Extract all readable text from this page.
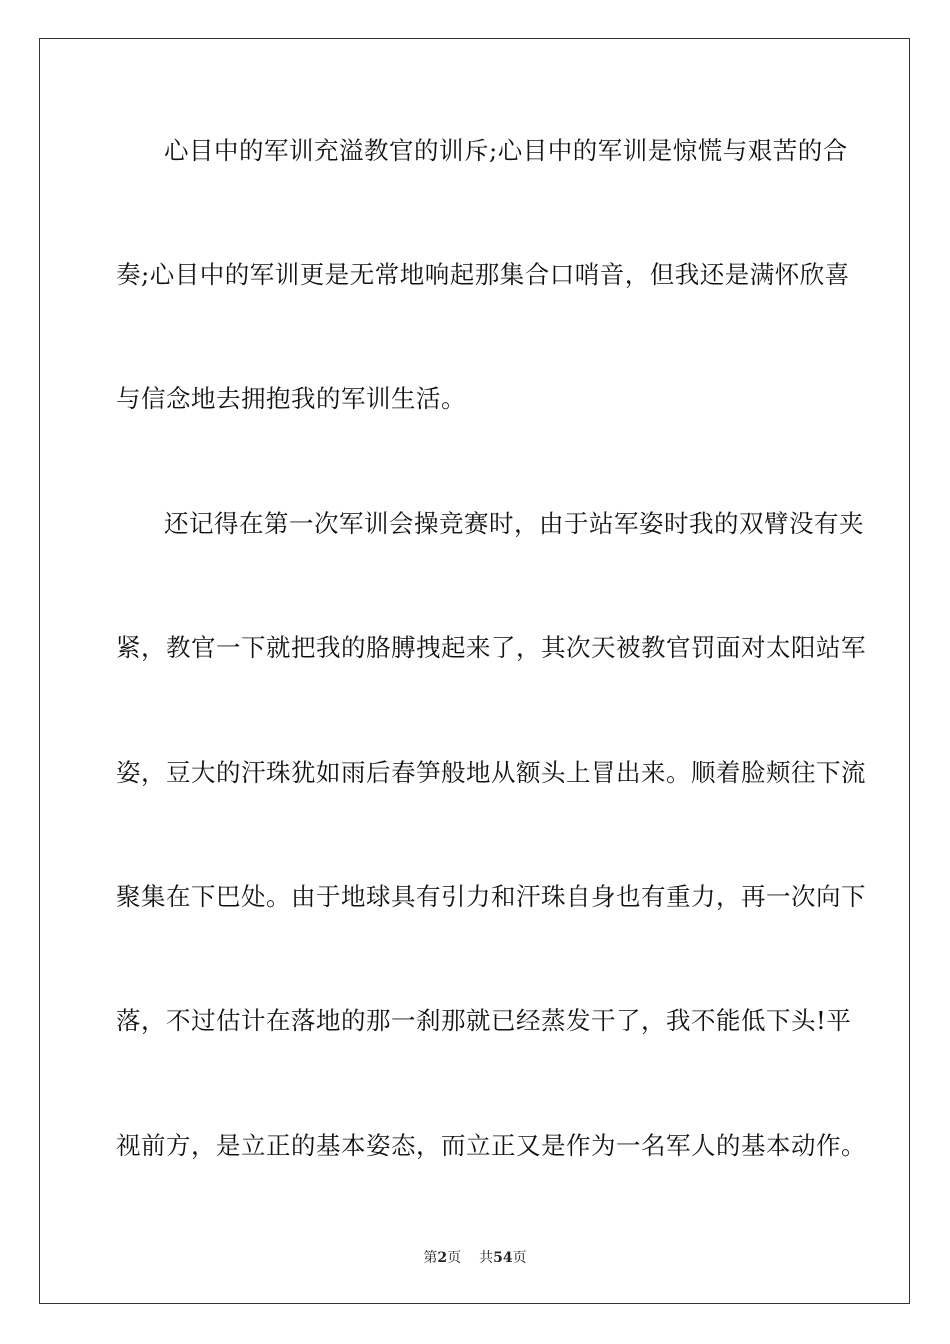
心目中的军训充溢教官的训斥;心目中的军训是惊慌与艰苦的合

奏;心目中的军训更是无常地响起那集合口哨音，但我还是满怀欣喜

与信念地去拥抱我的军训生活。

还记得在第一次军训会操竞赛时，由于站军姿时我的双臂没有夹

紧，教官一下就把我的胳膊拽起来了，其次天被教官罚面对太阳站军

姿，豆大的汗珠犹如雨后春笋般地从额头上冒出来。顺着脸颊往下流

聚集在下巴处。由于地球具有引力和汗珠自身也有重力，再一次向下

落，不过估计在落地的那一刹那就已经蒸发干了，我不能低下头!平

视前方，是立正的基本姿态，而立正又是作为一名军人的基本动作。

第2页 共54页
